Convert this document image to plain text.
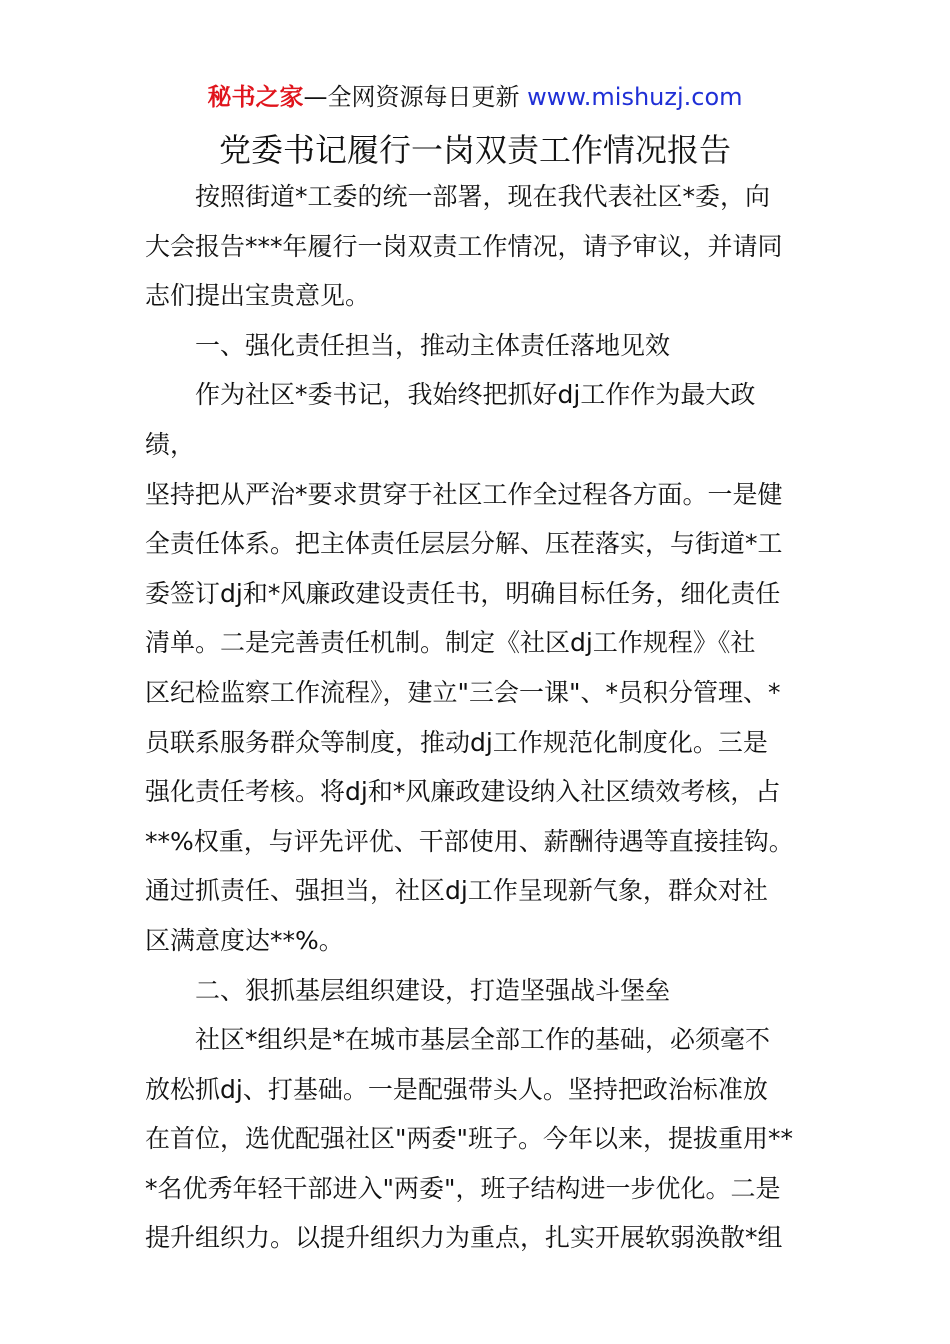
秘书之家—全网资源每日更新 www.mishuzj.com
党委书记履行一岗双责工作情况报告

按照街道*工委的统一部署，现在我代表社区*委，向
大会报告***年履行一岗双责工作情况，请予审议，并请同
志们提出宝贵意见。

一、强化责任担当，推动主体责任落地见效

作为社区*委书记，我始终把抓好dj工作作为最大政绩，
坚持把从严治*要求贯穿于社区工作全过程各方面。一是健
全责任体系。把主体责任层层分解、压茬落实，与街道*工
委签订dj和*风廉政建设责任书，明确目标任务，细化责任
清单。二是完善责任机制。制定《社区dj工作规程》《社
区纪检监察工作流程》，建立"三会一课"、*员积分管理、*
员联系服务群众等制度，推动dj工作规范化制度化。三是
强化责任考核。将dj和*风廉政建设纳入社区绩效考核，占
**%权重，与评先评优、干部使用、薪酬待遇等直接挂钩。
通过抓责任、强担当，社区dj工作呈现新气象，群众对社
区满意度达**%。

二、狠抓基层组织建设，打造坚强战斗堡垒

社区*组织是*在城市基层全部工作的基础，必须毫不
放松抓dj、打基础。一是配强带头人。坚持把政治标准放
在首位，选优配强社区"两委"班子。今年以来，提拔重用**
*名优秀年轻干部进入"两委"，班子结构进一步优化。二是
提升组织力。以提升组织力为重点，扎实开展软弱涣散*组
